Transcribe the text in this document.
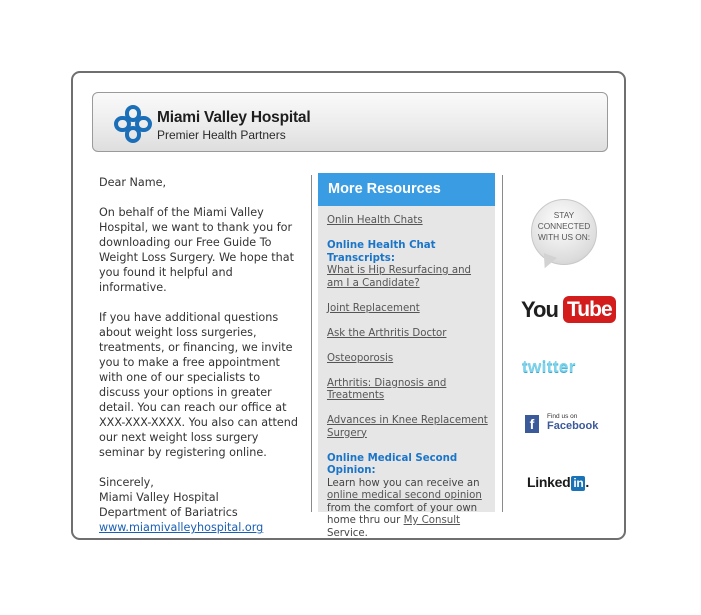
Miami Valley Hospital
Premier Health Partners

Dear Name,

On behalf of the Miami Valley Hospital, we want to thank you for downloading our Free Guide To Weight Loss Surgery. We hope that you found it helpful and informative.

If you have additional questions about weight loss surgeries, treatments, or financing, we invite you to make a free appointment with one of our specialists to discuss your options in greater detail. You can reach our office at XXX-XXX-XXXX. You also can attend our next weight loss surgery seminar by registering online.

Sincerely,
Miami Valley Hospital
Department of Bariatrics
www.miamivalleyhospital.org
More Resources
Onlin Health Chats
Online Health Chat Transcripts:
What is Hip Resurfacing and am I a Candidate?
Joint Replacement
Ask the Arthritis Doctor
Osteoporosis
Arthritis: Diagnosis and Treatments
Advances in Knee Replacement Surgery
Online Medical Second Opinion:
Learn how you can receive an online medical second opinion from the comfort of your own home thru our My Consult Service.
STAY
CONNECTED
WITH US ON:
You Tube
twitter
f	Find us on
Facebook
Linked in .
